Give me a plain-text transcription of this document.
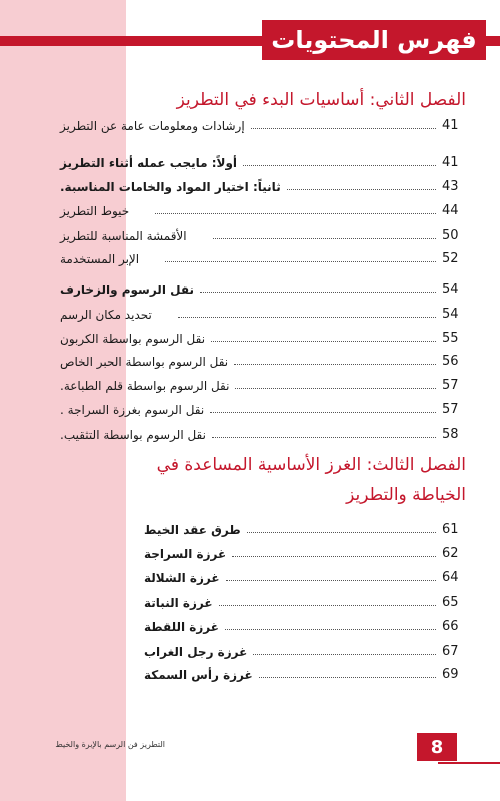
فهرس المحتويات
الفصل الثاني: أساسيات البدء في التطريز
إرشادات ومعلومات عامة عن التطريز	41
أولاً: مايجب عمله أثناء التطريز	41
ثانياً: اختيار المواد والخامات المناسبة.	43
خيوط التطريز	44
الأقمشة المناسبة للتطريز	50
الإبر المستخدمة	52
نقل الرسوم والزخارف	54
تحديد مكان الرسم	54
نقل الرسوم بواسطة الكربون	55
نقل الرسوم بواسطة الحبر الخاص	56
نقل الرسوم بواسطة قلم الطباعة.	57
نقل الرسوم بغرزة السراجة .	57
نقل الرسوم بواسطة التثقيب.	58
الفصل الثالث: الغرز الأساسية المساعدة في
الخياطة والتطريز
طرق عقد الخيط	61
غرزة السراجة	62
غرزة الشلالة	64
غرزة النباتة	65
غرزة اللقطة	66
غرزة رجل الغراب	67
غرزة رأس السمكة	69
التطريز فن الرسم بالإبرة والخيط	8
